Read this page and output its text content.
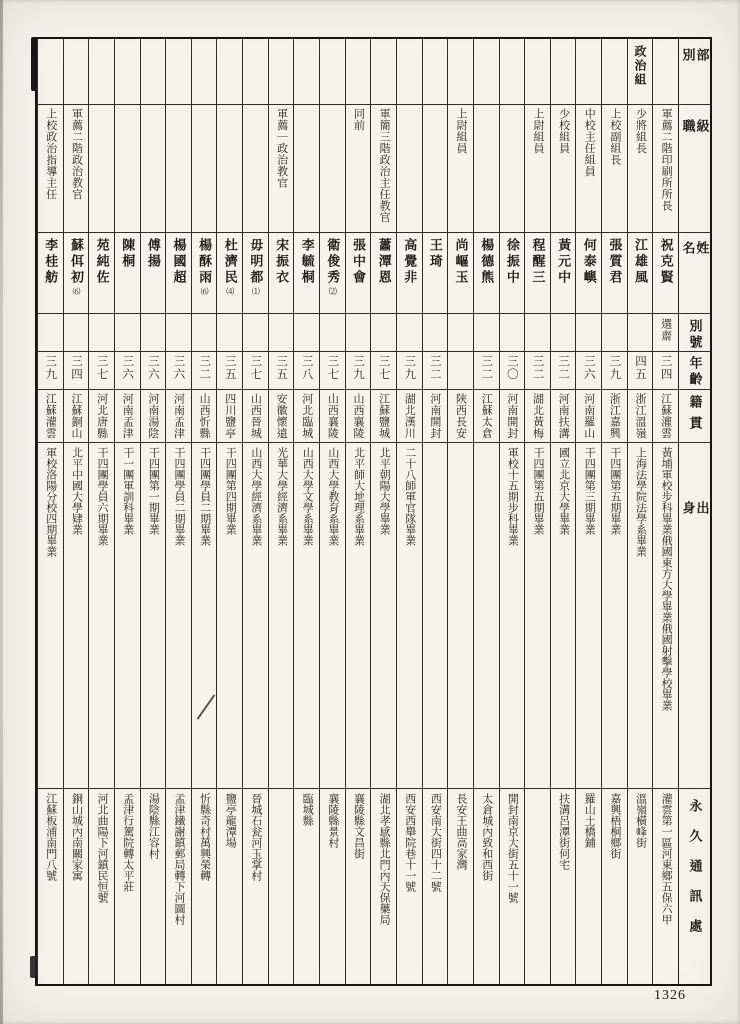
部別
級職
姓名
別號
年齡
籍貫
出身
永久通訊處
軍薦二階印刷所所長
祝克賢
選齋
三四
江蘇灌雲
黃埔軍校步科畢業俄國東方大學畢業俄國射擊學校畢業
灌雲第一區河東鄉五保六甲
政治組
少將組長
江雄風
四五
浙江溫嶺
上海法學院法學系畢業
溫嶺橫峰街
上校副組長
張質君
三九
浙江嘉興
干四團第五期畢業
嘉興梧桐鄉街
中校主任組員
何泰嶼
三六
河南羅山
干四團第三期畢業
羅山土橋鋪
少校組員
黃元中
三二
河南扶溝
國立北京大學畢業
扶溝呂潭街何宅
上尉組員
程醒三
三二
湖北黃梅
干四團第五期畢業
徐振中
三〇
河南開封
軍校十五期步科畢業
開封南京大街五十一號
楊德熊
三二
江蘇太倉
太倉城內致和西街
上尉組員
尚嶇玉
陝西長安
長安王曲高家灣
王琦
三二
河南開封
西安南大街四十二號
高覺非
三九
湖北漢川
二十八師軍官隊畢業
西安西舉院巷十一號
軍簡三階政治主任教官
蕭潭恩
三七
江蘇鹽城
北平朝陽大學畢業
湖北孝感縣北門內天保藥局
同前
張中會
三九
山西襄陵
北平師大地理系畢業
襄陵縣文昌街
衛俊秀
⑵
三七
山西襄陵
山西大學教育系畢業
襄陵縣景村
李毓桐
三八
河北臨城
山西大學文學系畢業
臨城縣
軍薦｜政治教官
宋振衣
三五
安徽懷遠
光華大學經濟系畢業
毋明都
⑴
三七
山西晉城
山西大學經濟系畢業
晉城石瓮河玉掌村
杜濟民
⑷
三五
四川鹽亭
干四團第四期畢業
鹽亭龍潭場
楊酥雨
⑹
三二
山西忻縣
干四團學員二期畢業
忻縣奇村萬興榮轉
楊國超
三六
河南孟津
干四團學員二期畢業
孟津鐵謝鎮郵局轉下河圖村
傅揚
三六
河南湯陰
干四團第一期畢業
湯陰縣江容村
陳桐
三六
河南孟津
干一團軍訓科畢業
孟津行駕院轉太平莊
苑純佐
三七
河北唐縣
干四團學員六期畢業
河北曲陽下河鎮民恒號
軍薦二階政治教官
蘇佴初
⑹
三四
江蘇銅山
北平中國大學肄業
銅山城內南關家寓
上校政治指導主任
李桂舫
三九
江蘇灌雲
軍校洛陽分校四期畢業
江蘇板浦南門八號
1326
